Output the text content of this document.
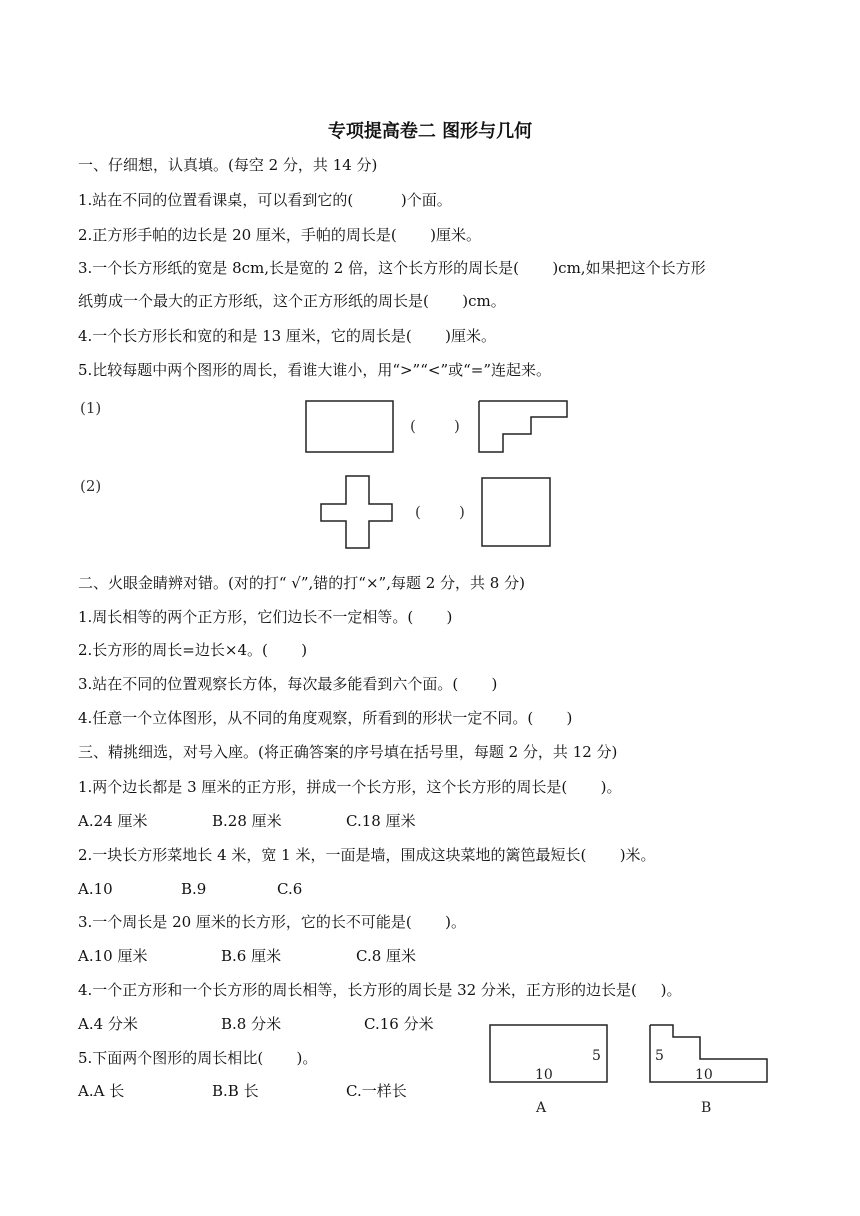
专项提高卷二 图形与几何
一、仔细想，认真填。(每空 2 分，共 14 分)
1.站在不同的位置看课桌，可以看到它的(          )个面。
2.正方形手帕的边长是 20 厘米，手帕的周长是(       )厘米。
3.一个长方形纸的宽是 8cm,长是宽的 2 倍，这个长方形的周长是(       )cm,如果把这个长方形
纸剪成一个最大的正方形纸，这个正方形纸的周长是(       )cm。
4.一个长方形长和宽的和是 13 厘米，它的周长是(       )厘米。
5.比较每题中两个图形的周长，看谁大谁小，用“>”“<”或“=”连起来。
(1)
(2)
(        )
(        )
二、火眼金睛辨对错。(对的打“ √”,错的打“×”,每题 2 分，共 8 分)
1.周长相等的两个正方形，它们边长不一定相等。(       )
2.长方形的周长=边长×4。(       )
3.站在不同的位置观察长方体，每次最多能看到六个面。(       )
4.任意一个立体图形，从不同的角度观察，所看到的形状一定不同。(       )
三、精挑细选，对号入座。(将正确答案的序号填在括号里，每题 2 分，共 12 分)
1.两个边长都是 3 厘米的正方形，拼成一个长方形，这个长方形的周长是(       )。
A.24 厘米	B.28 厘米	C.18 厘米
2.一块长方形菜地长 4 米，宽 1 米，一面是墙，围成这块菜地的篱笆最短长(       )米。
A.10	B.9	C.6
3.一个周长是 20 厘米的长方形，它的长不可能是(       )。
A.10 厘米	B.6 厘米	C.8 厘米
4.一个正方形和一个长方形的周长相等，长方形的周长是 32 分米，正方形的边长是(     )。
A.4 分米	B.8 分米	C.16 分米
5.下面两个图形的周长相比(       )。
A.A 长	B.B 长	C.一样长
5
10
A
5
10
B
